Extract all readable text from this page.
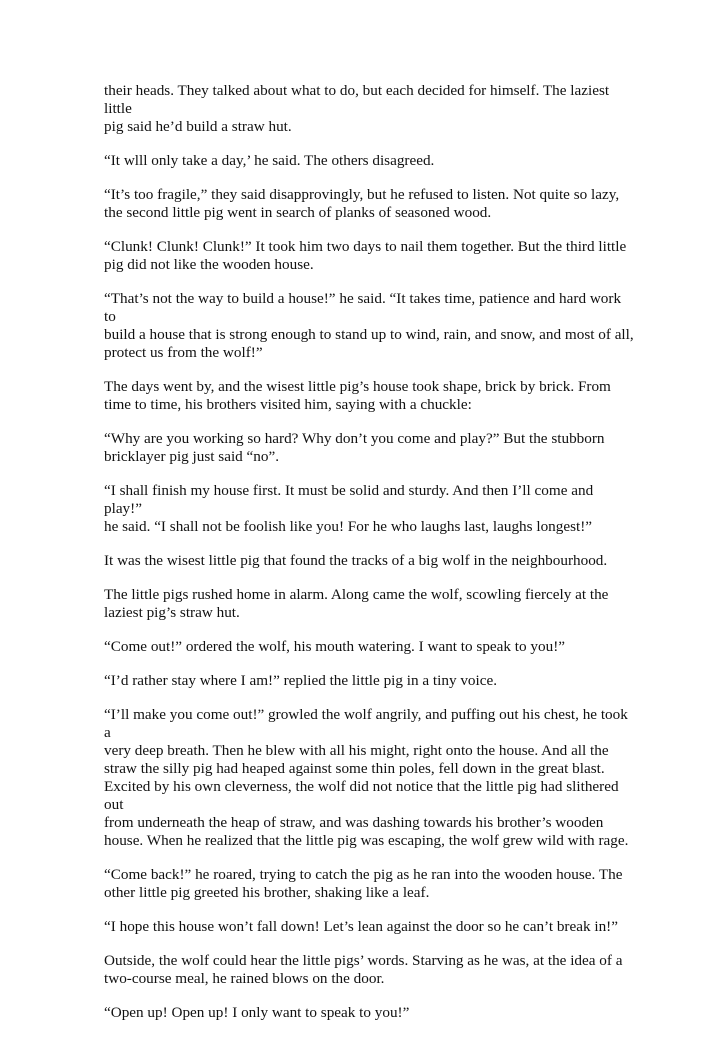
their heads. They talked about what to do, but each decided for himself. The laziest little
pig said he’d build a straw hut.

“It wlll only take a day,’ he said. The others disagreed.

“It’s too fragile,” they said disapprovingly, but he refused to listen. Not quite so lazy,
the second little pig went in search of planks of seasoned wood.

“Clunk! Clunk! Clunk!” It took him two days to nail them together. But the third little
pig did not like the wooden house.

“That’s not the way to build a house!” he said. “It takes time, patience and hard work to
build a house that is strong enough to stand up to wind, rain, and snow, and most of all,
protect us from the wolf!”

The days went by, and the wisest little pig’s house took shape, brick by brick. From
time to time, his brothers visited him, saying with a chuckle:

“Why are you working so hard? Why don’t you come and play?” But the stubborn
bricklayer pig just said “no”.

“I shall finish my house first. It must be solid and sturdy. And then I’ll come and play!”
he said. “I shall not be foolish like you! For he who laughs last, laughs longest!”

It was the wisest little pig that found the tracks of a big wolf in the neighbourhood.

The little pigs rushed home in alarm. Along came the wolf, scowling fiercely at the
laziest pig’s straw hut.

“Come out!” ordered the wolf, his mouth watering. I want to speak to you!”

“I’d rather stay where I am!” replied the little pig in a tiny voice.

“I’ll make you come out!” growled the wolf angrily, and puffing out his chest, he took a
very deep breath. Then he blew with all his might, right onto the house. And all the
straw the silly pig had heaped against some thin poles, fell down in the great blast.
Excited by his own cleverness, the wolf did not notice that the little pig had slithered out
from underneath the heap of straw, and was dashing towards his brother’s wooden
house. When he realized that the little pig was escaping, the wolf grew wild with rage.

“Come back!” he roared, trying to catch the pig as he ran into the wooden house. The
other little pig greeted his brother, shaking like a leaf.

“I hope this house won’t fall down! Let’s lean against the door so he can’t break in!”

Outside, the wolf could hear the little pigs’ words. Starving as he was, at the idea of a
two-course meal, he rained blows on the door.

“Open up! Open up! I only want to speak to you!”
